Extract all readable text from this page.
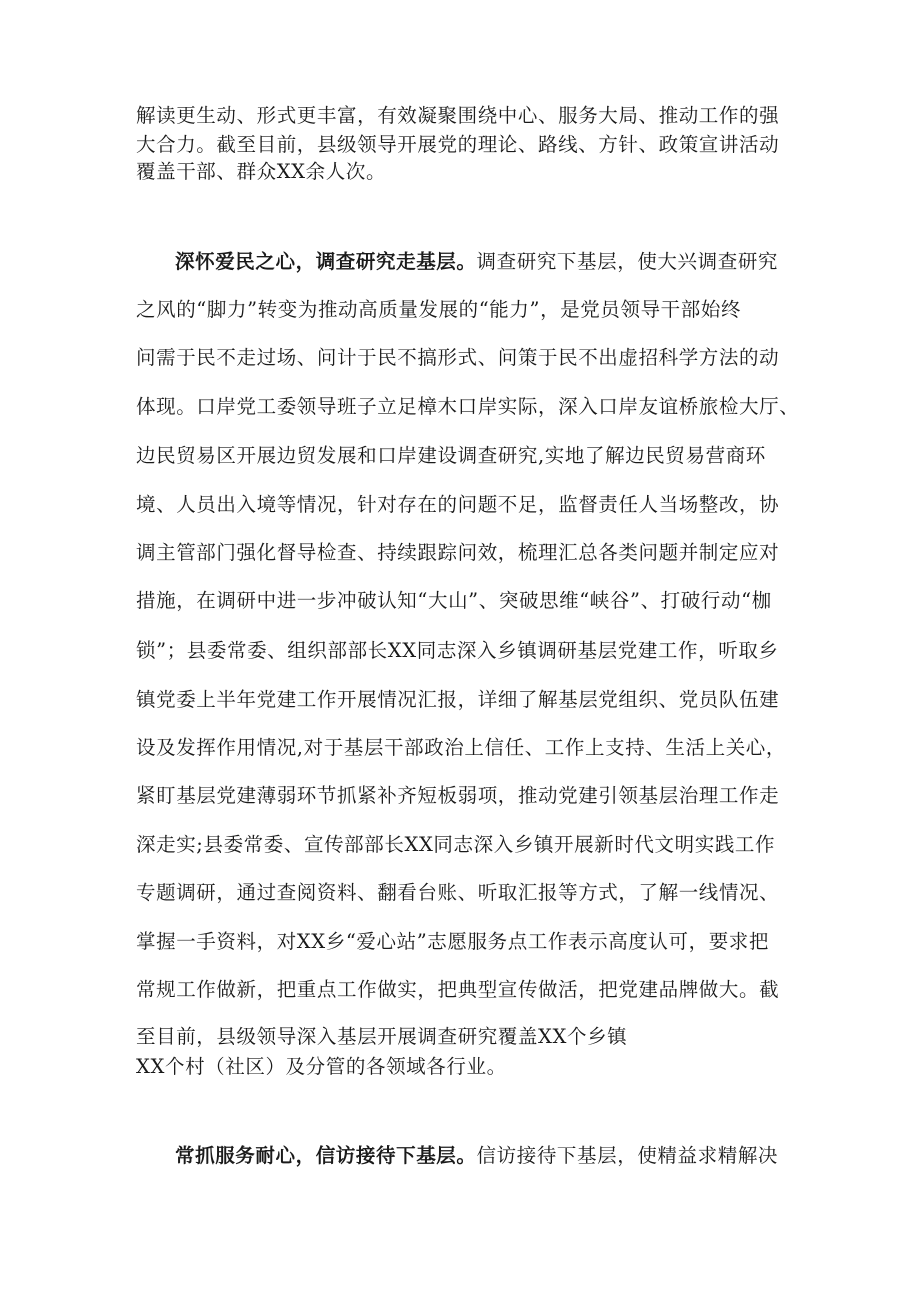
解读更生动、形式更丰富，有效凝聚围绕中心、服务大局、推动工作的强
大合力。截至目前，县级领导开展党的理论、路线、方针、政策宣讲活动
覆盖干部、群众XX余人次。
深怀爱民之心，调查研究走基层。调查研究下基层，使大兴调查研究
之风的“脚力”转变为推动高质量发展的“能力”，是党员领导干部始终
问需于民不走过场、问计于民不搞形式、问策于民不出虚招科学方法的动
体现。口岸党工委领导班子立足樟木口岸实际，深入口岸友谊桥旅检大厅、
边民贸易区开展边贸发展和口岸建设调查研究,实地了解边民贸易营商环
境、人员出入境等情况，针对存在的问题不足，监督责任人当场整改，协
调主管部门强化督导检查、持续跟踪问效，梳理汇总各类问题并制定应对
措施，在调研中进一步冲破认知“大山”、突破思维“峡谷”、打破行动“枷
锁”；县委常委、组织部部长XX同志深入乡镇调研基层党建工作，听取乡
镇党委上半年党建工作开展情况汇报，详细了解基层党组织、党员队伍建
设及发挥作用情况,对于基层干部政治上信任、工作上支持、生活上关心，
紧盯基层党建薄弱环节抓紧补齐短板弱项，推动党建引领基层治理工作走
深走实;县委常委、宣传部部长XX同志深入乡镇开展新时代文明实践工作
专题调研，通过查阅资料、翻看台账、听取汇报等方式，了解一线情况、
掌握一手资料，对XX乡“爱心站”志愿服务点工作表示高度认可，要求把
常规工作做新，把重点工作做实，把典型宣传做活，把党建品牌做大。截
至目前，县级领导深入基层开展调查研究覆盖XX个乡镇
XX个村（社区）及分管的各领域各行业。
常抓服务耐心，信访接待下基层。信访接待下基层，使精益求精解决
